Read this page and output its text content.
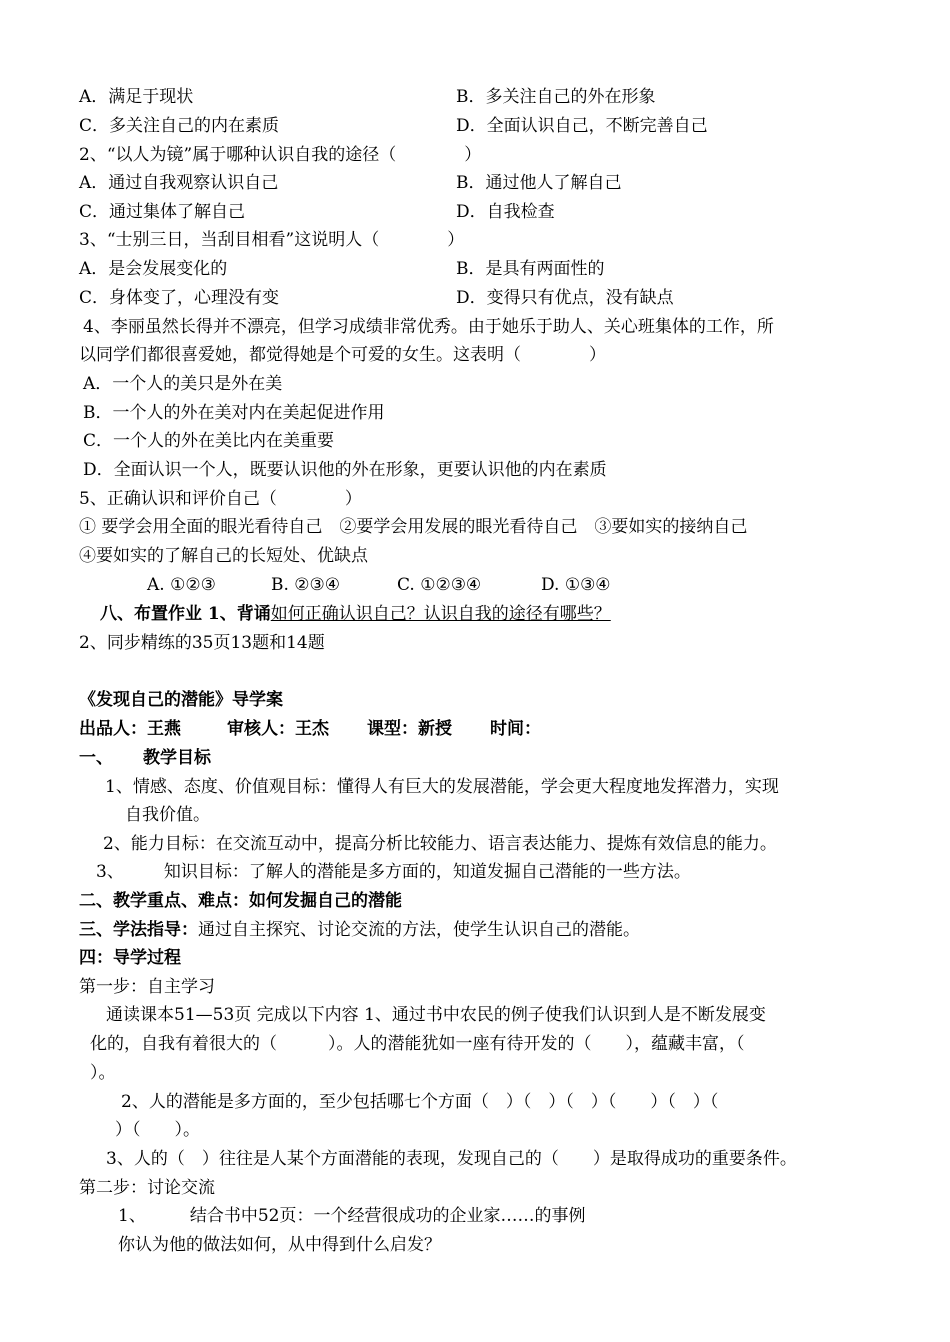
A．满足于现状	B．多关注自己的外在形象
C．多关注自己的内在素质	D．全面认识自己，不断完善自己
2、“以人为镜”属于哪种认识自我的途径（　　　　）
A．通过自我观察认识自己	B．通过他人了解自己
C．通过集体了解自己	D．自我检查
3、“士别三日，当刮目相看”这说明人（　　　　）
A．是会发展变化的	B．是具有两面性的
C．身体变了，心理没有变	D．变得只有优点，没有缺点
4、李丽虽然长得并不漂亮，但学习成绩非常优秀。由于她乐于助人、关心班集体的工作，所
以同学们都很喜爱她，都觉得她是个可爱的女生。这表明（　　　　）
A．一个人的美只是外在美
B．一个人的外在美对内在美起促进作用
C．一个人的外在美比内在美重要
D．全面认识一个人，既要认识他的外在形象，更要认识他的内在素质
5、正确认识和评价自己（　　　　）
① 要学会用全面的眼光看待自己　②要学会用发展的眼光看待自己　③要如实的接纳自己
④要如实的了解自己的长短处、优缺点
A. ①②③	B. ②③④	C. ①②③④	D. ①③④
八、布置作业 1、背诵如何正确认识自己？认识自我的途径有哪些？
2、同步精练的35页13题和14题
《发现自己的潜能》导学案
出品人：王燕	审核人：王杰 课型：新授 时间：
一、 教学目标
1、情感、态度、价值观目标：懂得人有巨大的发展潜能，学会更大程度地发挥潜力，实现
自我价值。
2、能力目标：在交流互动中，提高分析比较能力、语言表达能力、提炼有效信息的能力。
3、 知识目标：了解人的潜能是多方面的，知道发掘自己潜能的一些方法。
二、教学重点、难点：如何发掘自己的潜能
三、学法指导：通过自主探究、讨论交流的方法，使学生认识自己的潜能。
四：导学过程
第一步：自主学习
通读课本51—53页 完成以下内容 1、通过书中农民的例子使我们认识到人是不断发展变
化的，自我有着很大的（　　　）。人的潜能犹如一座有待开发的（　　），蕴藏丰富，（
）。
2、人的潜能是多方面的，至少包括哪七个方面（　）（　）（　）（　　）（　）（
）（　　）。
3、人的（　）往往是人某个方面潜能的表现，发现自己的（　　）是取得成功的重要条件。
第二步：讨论交流
1、	结合书中52页：一个经营很成功的企业家……的事例
你认为他的做法如何，从中得到什么启发？
